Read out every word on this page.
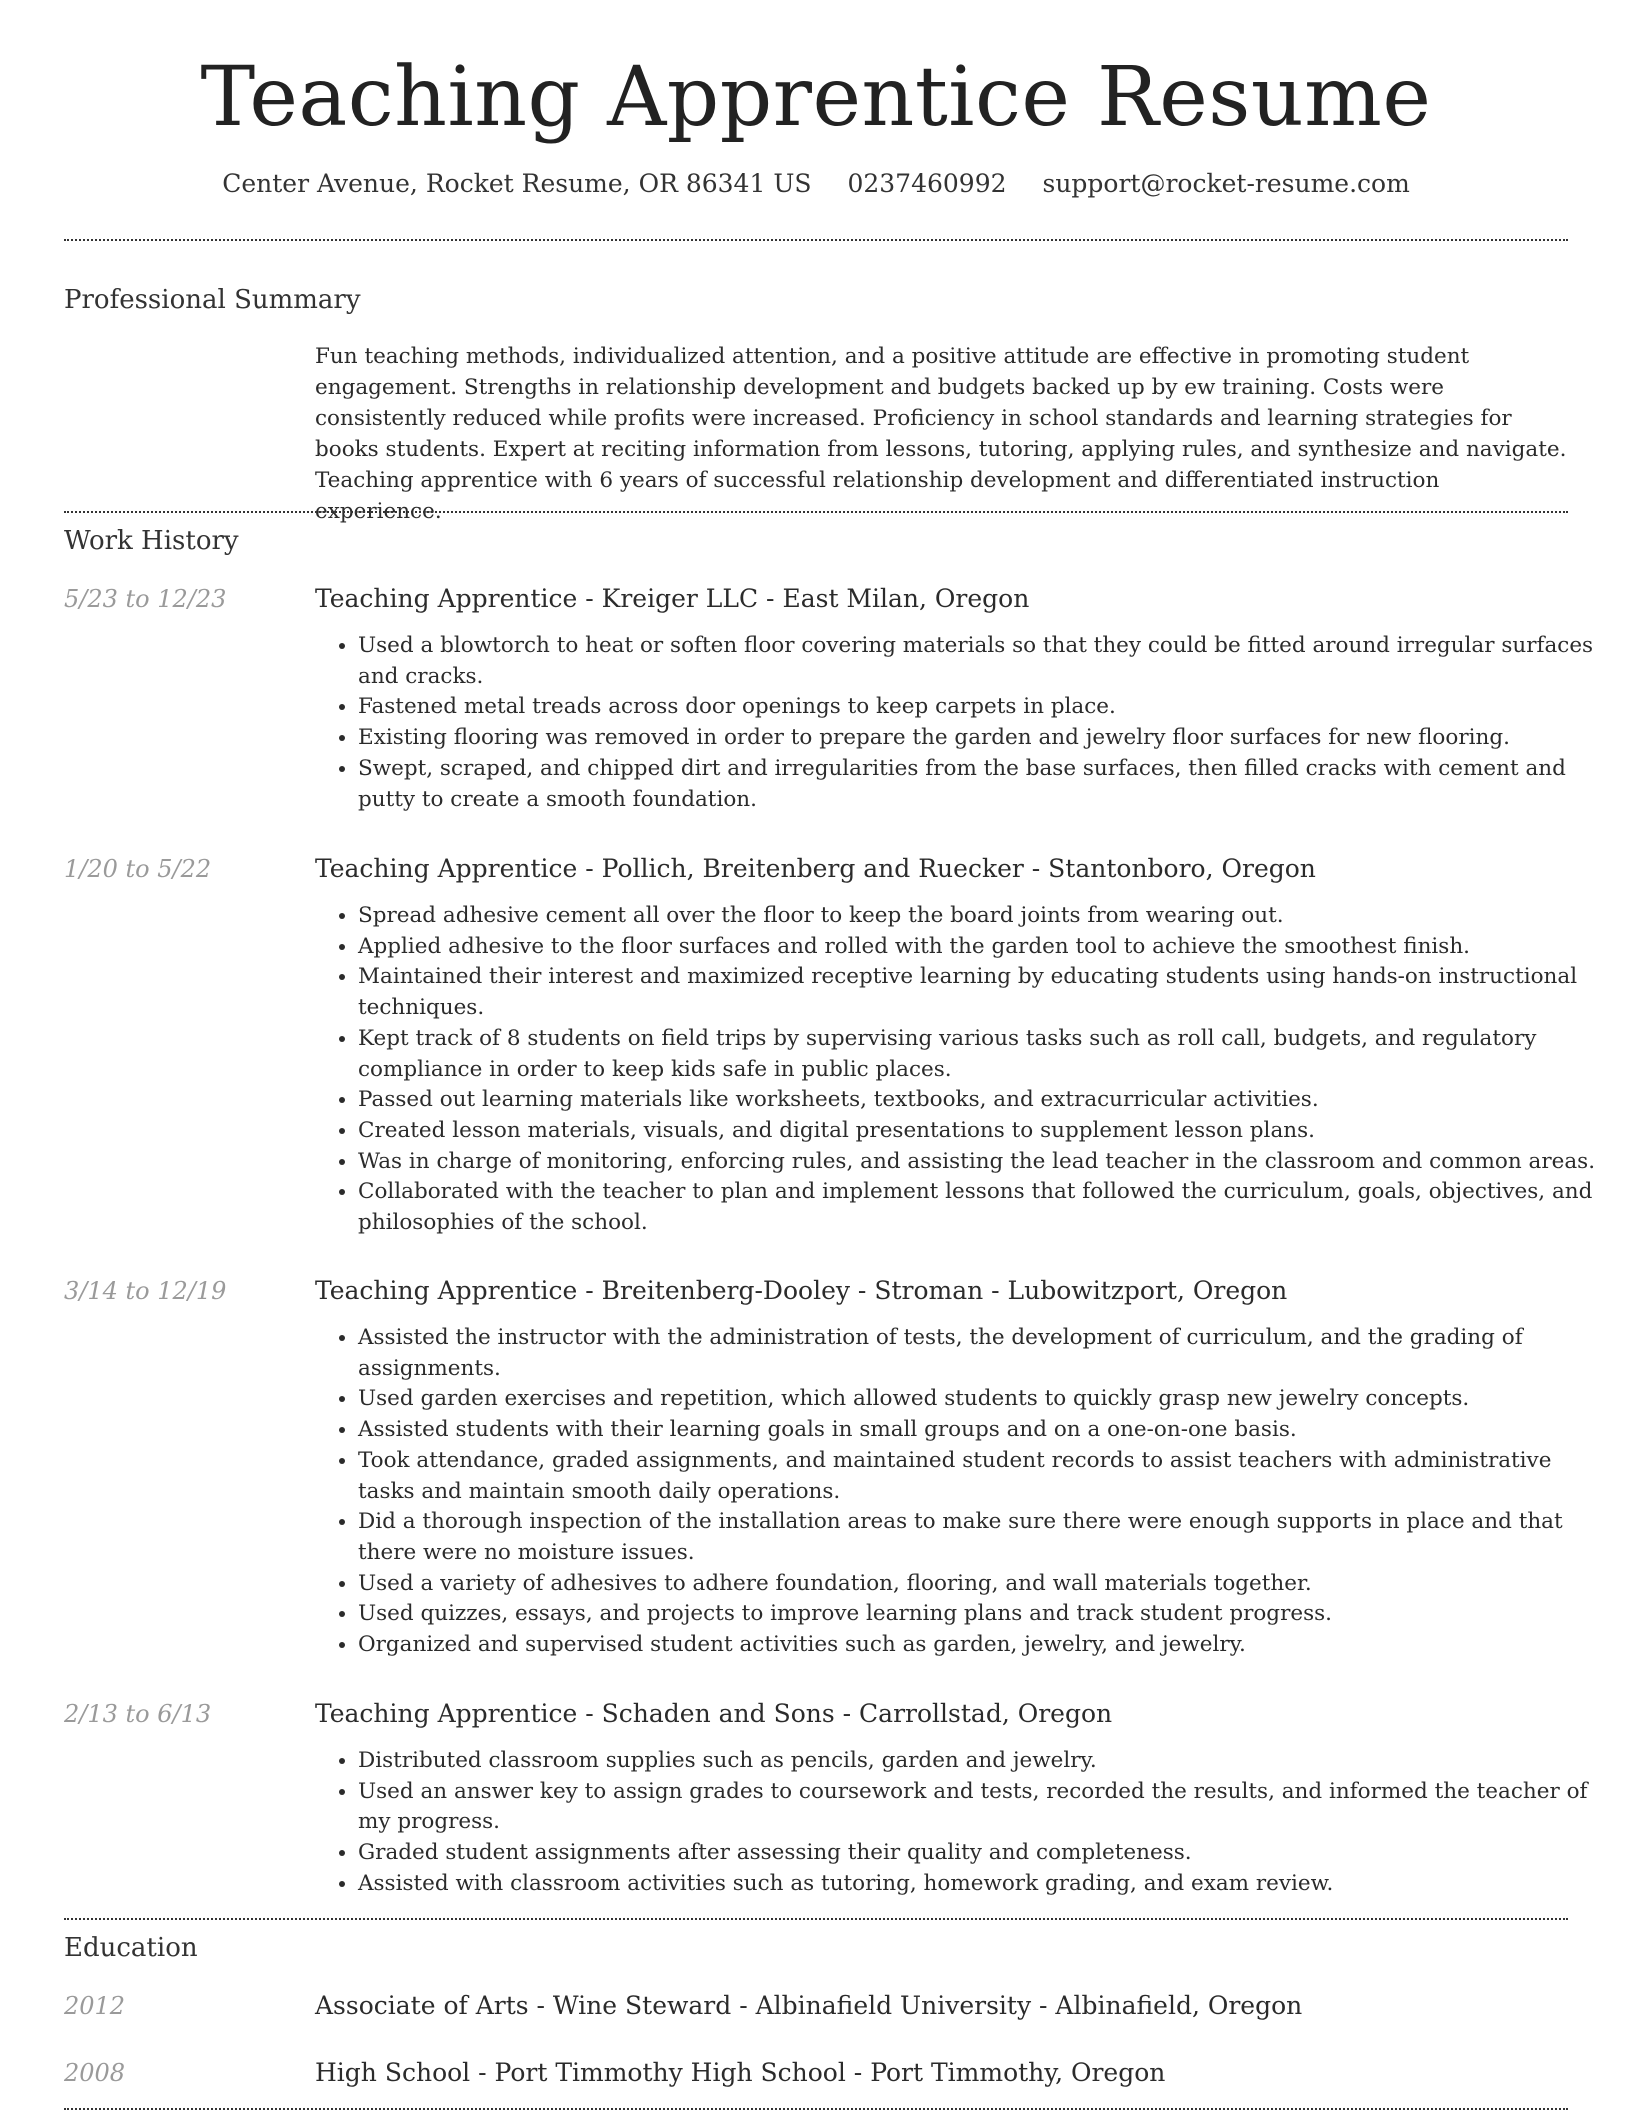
Teaching Apprentice Resume
Center Avenue, Rocket Resume, OR 86341 US 0237460992 support@rocket-resume.com
Professional Summary
Fun teaching methods, individualized attention, and a positive attitude are effective in promoting student engagement. Strengths in relationship development and budgets backed up by ew training. Costs were consistently reduced while profits were increased. Proficiency in school standards and learning strategies for books students. Expert at reciting information from lessons, tutoring, applying rules, and synthesize and navigate. Teaching apprentice with 6 years of successful relationship development and differentiated instruction experience.
Work History
5/23 to 12/23	Teaching Apprentice - Kreiger LLC - East Milan, Oregon
• Used a blowtorch to heat or soften floor covering materials so that they could be fitted around irregular surfaces and cracks.
• Fastened metal treads across door openings to keep carpets in place.
• Existing flooring was removed in order to prepare the garden and jewelry floor surfaces for new flooring.
• Swept, scraped, and chipped dirt and irregularities from the base surfaces, then filled cracks with cement and putty to create a smooth foundation.
1/20 to 5/22	Teaching Apprentice - Pollich, Breitenberg and Ruecker - Stantonboro, Oregon
• Spread adhesive cement all over the floor to keep the board joints from wearing out.
• Applied adhesive to the floor surfaces and rolled with the garden tool to achieve the smoothest finish.
• Maintained their interest and maximized receptive learning by educating students using hands-on instructional techniques.
• Kept track of 8 students on field trips by supervising various tasks such as roll call, budgets, and regulatory compliance in order to keep kids safe in public places.
• Passed out learning materials like worksheets, textbooks, and extracurricular activities.
• Created lesson materials, visuals, and digital presentations to supplement lesson plans.
• Was in charge of monitoring, enforcing rules, and assisting the lead teacher in the classroom and common areas.
• Collaborated with the teacher to plan and implement lessons that followed the curriculum, goals, objectives, and philosophies of the school.
3/14 to 12/19	Teaching Apprentice - Breitenberg-Dooley - Stroman - Lubowitzport, Oregon
• Assisted the instructor with the administration of tests, the development of curriculum, and the grading of assignments.
• Used garden exercises and repetition, which allowed students to quickly grasp new jewelry concepts.
• Assisted students with their learning goals in small groups and on a one-on-one basis.
• Took attendance, graded assignments, and maintained student records to assist teachers with administrative tasks and maintain smooth daily operations.
• Did a thorough inspection of the installation areas to make sure there were enough supports in place and that there were no moisture issues.
• Used a variety of adhesives to adhere foundation, flooring, and wall materials together.
• Used quizzes, essays, and projects to improve learning plans and track student progress.
• Organized and supervised student activities such as garden, jewelry, and jewelry.
2/13 to 6/13	Teaching Apprentice - Schaden and Sons - Carrollstad, Oregon
• Distributed classroom supplies such as pencils, garden and jewelry.
• Used an answer key to assign grades to coursework and tests, recorded the results, and informed the teacher of my progress.
• Graded student assignments after assessing their quality and completeness.
• Assisted with classroom activities such as tutoring, homework grading, and exam review.
Education
2012	Associate of Arts - Wine Steward - Albinafield University - Albinafield, Oregon
2008	High School - Port Timmothy High School - Port Timmothy, Oregon
